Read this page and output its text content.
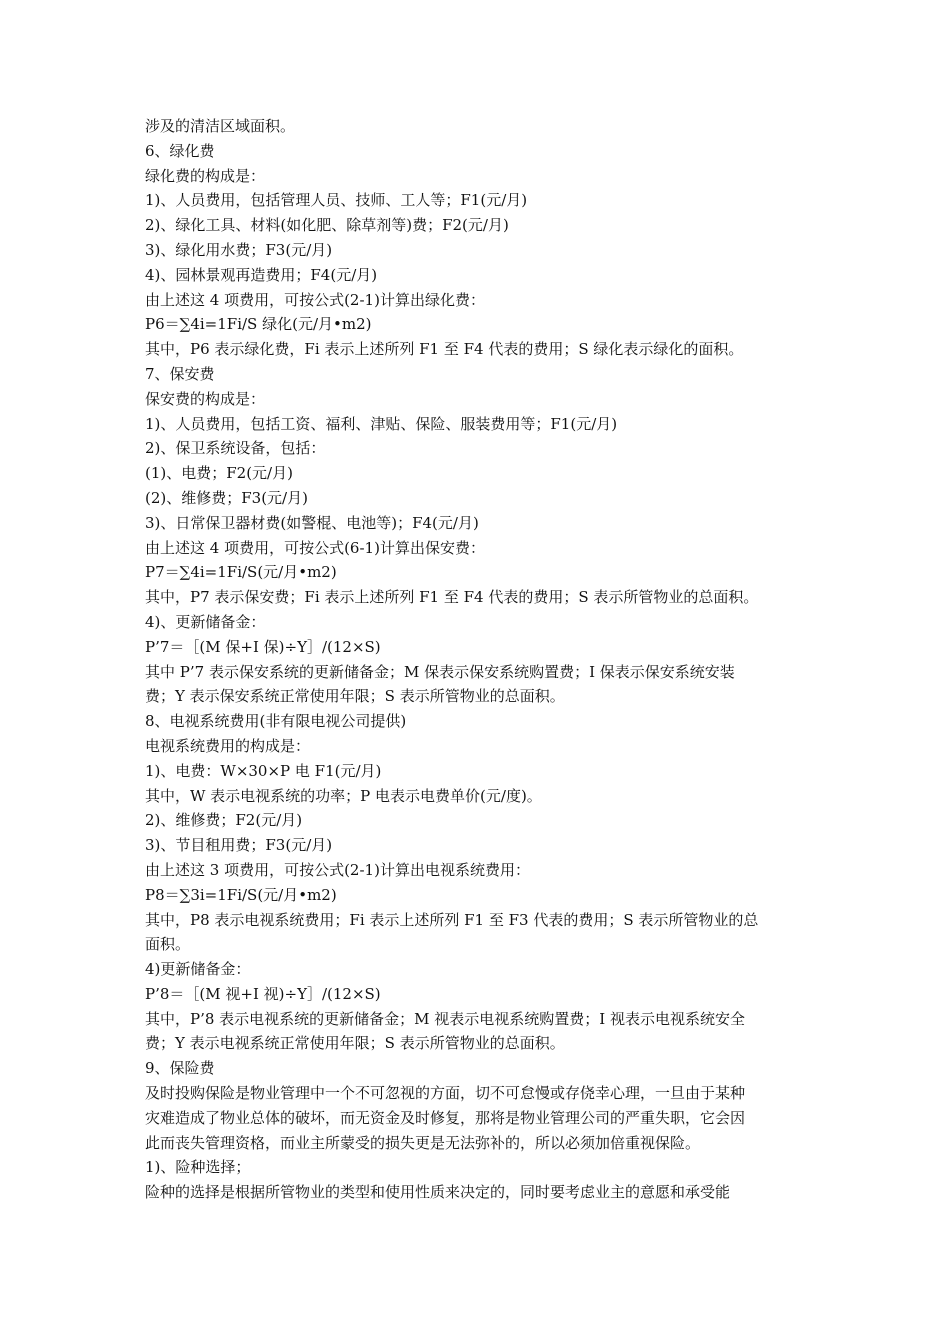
涉及的清洁区域面积。
6、绿化费
绿化费的构成是：
1)、人员费用，包括管理人员、技师、工人等；F1(元/月)
2)、绿化工具、材料(如化肥、除草剂等)费；F2(元/月)
3)、绿化用水费；F3(元/月)
4)、园林景观再造费用；F4(元/月)
由上述这 4 项费用，可按公式(2-1)计算出绿化费：
P6＝∑4i=1Fi/S 绿化(元/月•m2)
其中，P6 表示绿化费，Fi 表示上述所列 F1 至 F4 代表的费用；S 绿化表示绿化的面积。
7、保安费
保安费的构成是：
1)、人员费用，包括工资、福利、津贴、保险、服装费用等；F1(元/月)
2)、保卫系统设备，包括：
(1)、电费；F2(元/月)
(2)、维修费；F3(元/月)
3)、日常保卫器材费(如警棍、电池等)；F4(元/月)
由上述这 4 项费用，可按公式(6-1)计算出保安费：
P7＝∑4i=1Fi/S(元/月•m2)
其中，P7 表示保安费；Fi 表示上述所列 F1 至 F4 代表的费用；S 表示所管物业的总面积。
4)、更新储备金：
P’7＝［(M 保+I 保)÷Y］/(12×S)
其中 P’7 表示保安系统的更新储备金；M 保表示保安系统购置费；I 保表示保安系统安装
费；Y 表示保安系统正常使用年限；S 表示所管物业的总面积。
8、电视系统费用(非有限电视公司提供)
电视系统费用的构成是：
1)、电费：W×30×P 电 F1(元/月)
其中，W 表示电视系统的功率；P 电表示电费单价(元/度)。
2)、维修费；F2(元/月)
3)、节目租用费；F3(元/月)
由上述这 3 项费用，可按公式(2-1)计算出电视系统费用：
P8＝∑3i=1Fi/S(元/月•m2)
其中，P8 表示电视系统费用；Fi 表示上述所列 F1 至 F3 代表的费用；S 表示所管物业的总
面积。
4)更新储备金：
P’8＝［(M 视+I 视)÷Y］/(12×S)
其中，P’8 表示电视系统的更新储备金；M 视表示电视系统购置费；I 视表示电视系统安全
费；Y 表示电视系统正常使用年限；S 表示所管物业的总面积。
9、保险费
及时投购保险是物业管理中一个不可忽视的方面，切不可怠慢或存侥幸心理，一旦由于某种
灾难造成了物业总体的破坏，而无资金及时修复，那将是物业管理公司的严重失职，它会因
此而丧失管理资格，而业主所蒙受的损失更是无法弥补的，所以必须加倍重视保险。
1)、险种选择；
险种的选择是根据所管物业的类型和使用性质来决定的，同时要考虑业主的意愿和承受能
